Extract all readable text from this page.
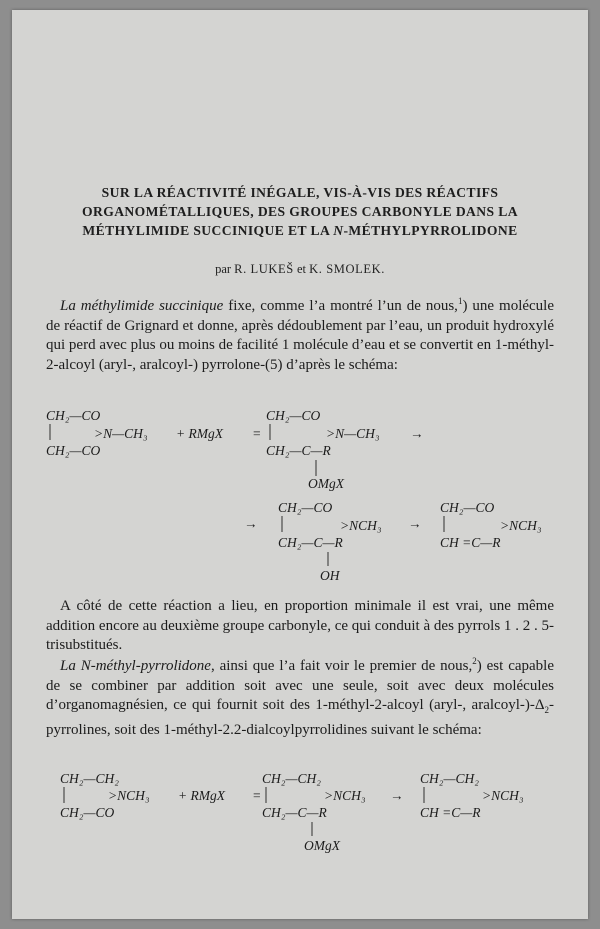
SUR LA RÉACTIVITÉ INÉGALE, VIS-À-VIS DES RÉACTIFS
ORGANOMÉTALLIQUES, DES GROUPES CARBONYLE DANS LA
MÉTHYLIMIDE SUCCINIQUE ET LA N-MÉTHYLPYRROLIDONE
par R. LUKEŠ et K. SMOLEK.
La méthylimide succinique fixe, comme l’a montré l’un de nous,$^1$) une molécule de réactif de Grignard et donne, après dédoublement par l’eau, un produit hydroxylé qui perd avec plus ou moins de facilité 1 molécule d’eau et se convertit en 1-méthyl-2-alcoyl (aryl-, aralcoyl-) pyrrolone-(5) d’après le schéma:
A côté de cette réaction a lieu, en proportion minimale il est vrai, une même addition encore au deuxième groupe carbonyle, ce qui conduit à des pyrrols 1 . 2 . 5-trisubstitués.
La N-méthyl-pyrrolidone, ainsi que l’a fait voir le premier de nous,$^2$) est capable de se combiner par addition soit avec une seule, soit avec deux molécules d’organomagnésien, ce qui fournit soit des 1-méthyl-2-alcoyl (aryl-, aralcoyl-)$-\Delta_2$-pyrrolines, soit des 1-méthyl-2.2-dialcoylpyrrolidines suivant le schéma:
CH₂—CO
CH₂—CO
>N—CH₃ + RMgX =
CH₂—CO
CH₂—C—R
>N—CH₃ →
OMgX
→
CH₂—CO
CH₂—C—R
>NCH₃
OH
→
CH₂—CO
CH =C—R
>NCH₃
CH₂—CH₂
CH₂—CO
>NCH₃ + RMgX =
CH₂—CH₂
CH₂—C—R
>NCH₃
OMgX
→
CH₂—CH₂
CH =C—R
>NCH₃
